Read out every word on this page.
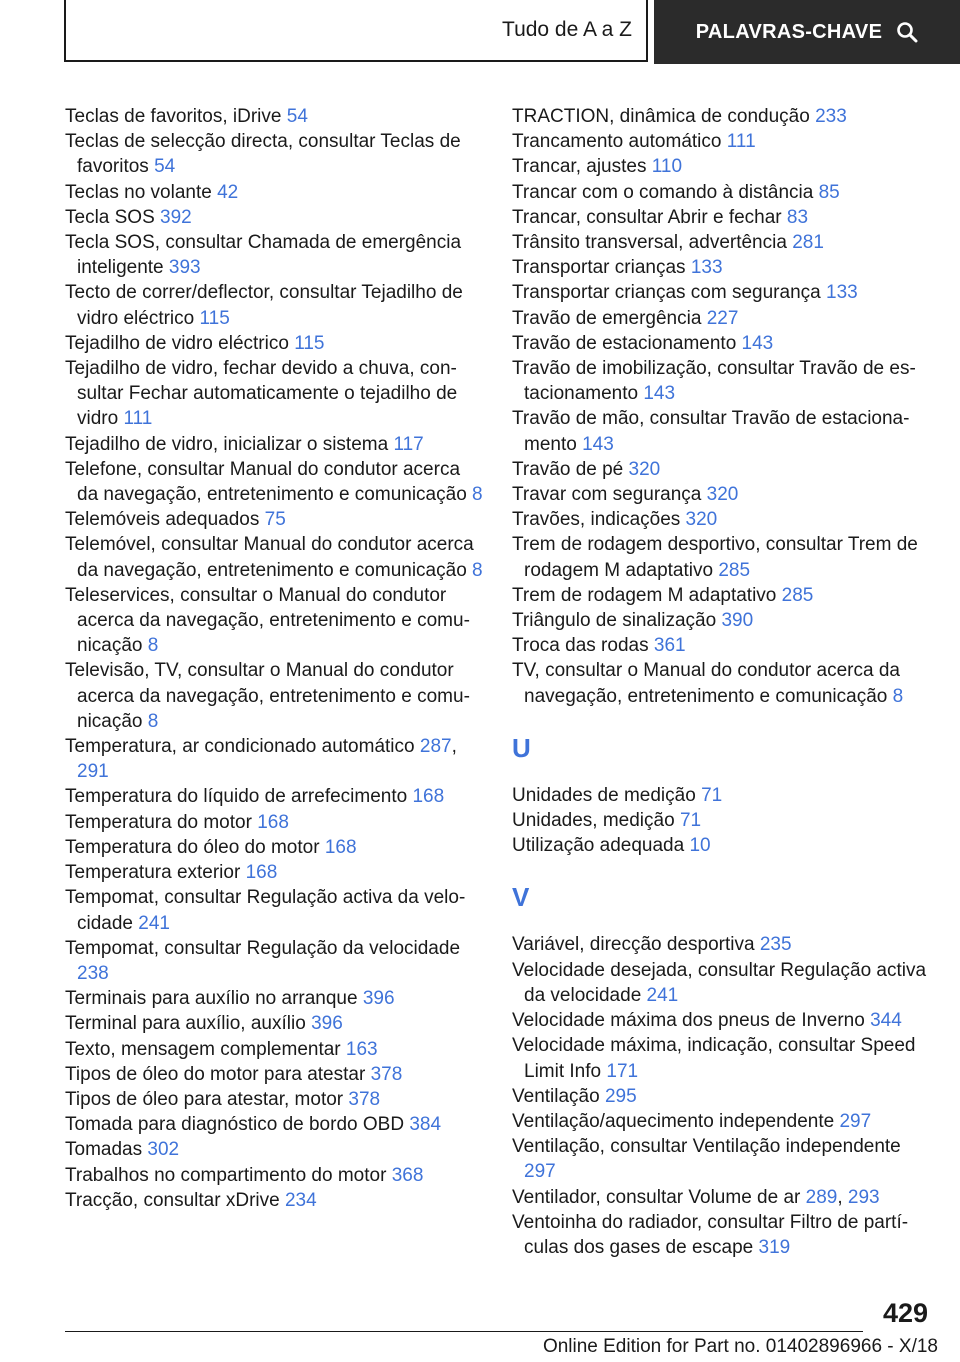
Tudo de A a Z	PALAVRAS-CHAVE
Teclas de favoritos, iDrive 54
Teclas de selecção directa, consultar Teclas de favoritos 54
Teclas no volante 42
Tecla SOS 392
Tecla SOS, consultar Chamada de emergência inteligente 393
Tecto de correr/deflector, consultar Tejadilho de vidro eléctrico 115
Tejadilho de vidro eléctrico 115
Tejadilho de vidro, fechar devido a chuva, consultar Fechar automaticamente o tejadilho de vidro 111
Tejadilho de vidro, inicializar o sistema 117
Telefone, consultar Manual do condutor acerca da navegação, entretenimento e comunicação 8
Telemóveis adequados 75
Telemóvel, consultar Manual do condutor acerca da navegação, entretenimento e comunicação 8
Teleservices, consultar o Manual do condutor acerca da navegação, entretenimento e comunicação 8
Televisão, TV, consultar o Manual do condutor acerca da navegação, entretenimento e comunicação 8
Temperatura, ar condicionado automático 287, 291
Temperatura do líquido de arrefecimento 168
Temperatura do motor 168
Temperatura do óleo do motor 168
Temperatura exterior 168
Tempomat, consultar Regulação activa da velocidade 241
Tempomat, consultar Regulação da velocidade 238
Terminais para auxílio no arranque 396
Terminal para auxílio, auxílio 396
Texto, mensagem complementar 163
Tipos de óleo do motor para atestar 378
Tipos de óleo para atestar, motor 378
Tomada para diagnóstico de bordo OBD 384
Tomadas 302
Trabalhos no compartimento do motor 368
Tracção, consultar xDrive 234
TRACTION, dinâmica de condução 233
Trancamento automático 111
Trancar, ajustes 110
Trancar com o comando à distância 85
Trancar, consultar Abrir e fechar 83
Trânsito transversal, advertência 281
Transportar crianças 133
Transportar crianças com segurança 133
Travão de emergência 227
Travão de estacionamento 143
Travão de imobilização, consultar Travão de estacionamento 143
Travão de mão, consultar Travão de estacionamento 143
Travão de pé 320
Travar com segurança 320
Travões, indicações 320
Trem de rodagem desportivo, consultar Trem de rodagem M adaptativo 285
Trem de rodagem M adaptativo 285
Triângulo de sinalização 390
Troca das rodas 361
TV, consultar o Manual do condutor acerca da navegação, entretenimento e comunicação 8
U
Unidades de medição 71
Unidades, medição 71
Utilização adequada 10
V
Variável, direcção desportiva 235
Velocidade desejada, consultar Regulação activa da velocidade 241
Velocidade máxima dos pneus de Inverno 344
Velocidade máxima, indicação, consultar Speed Limit Info 171
Ventilação 295
Ventilação/aquecimento independente 297
Ventilação, consultar Ventilação independente 297
Ventilador, consultar Volume de ar 289, 293
Ventoinha do radiador, consultar Filtro de partículas dos gases de escape 319
429
Online Edition for Part no. 01402896966 - X/18
